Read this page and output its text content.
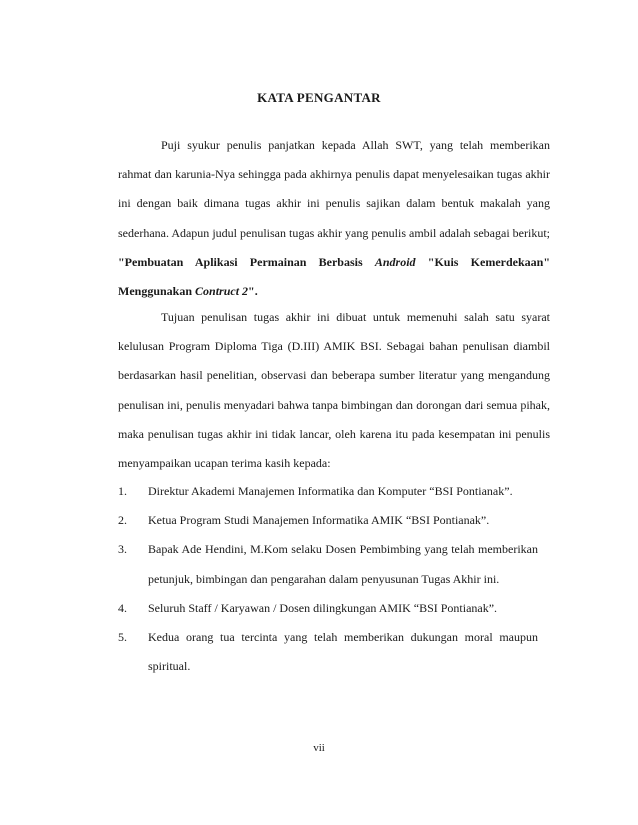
KATA PENGANTAR
Puji syukur penulis panjatkan kepada Allah SWT, yang telah memberikan rahmat dan karunia-Nya sehingga pada akhirnya penulis dapat menyelesaikan tugas akhir ini dengan baik dimana tugas akhir ini penulis sajikan dalam bentuk makalah yang sederhana. Adapun judul penulisan tugas akhir yang penulis ambil adalah sebagai berikut; "Pembuatan Aplikasi Permainan Berbasis Android "Kuis Kemerdekaan" Menggunakan Contruct 2".
Tujuan penulisan tugas akhir ini dibuat untuk memenuhi salah satu syarat kelulusan Program Diploma Tiga (D.III) AMIK BSI. Sebagai bahan penulisan diambil berdasarkan hasil penelitian, observasi dan beberapa sumber literatur yang mengandung penulisan ini, penulis menyadari bahwa tanpa bimbingan dan dorongan dari semua pihak, maka penulisan tugas akhir ini tidak lancar, oleh karena itu pada kesempatan ini penulis menyampaikan ucapan terima kasih kepada:
1. Direktur Akademi Manajemen Informatika dan Komputer “BSI Pontianak”.
2. Ketua Program Studi Manajemen Informatika AMIK “BSI Pontianak”.
3. Bapak Ade Hendini, M.Kom selaku Dosen Pembimbing yang telah memberikan petunjuk, bimbingan dan pengarahan dalam penyusunan Tugas Akhir ini.
4. Seluruh Staff / Karyawan / Dosen dilingkungan AMIK “BSI Pontianak”.
5. Kedua orang tua tercinta yang telah memberikan dukungan moral maupun spiritual.
vii
